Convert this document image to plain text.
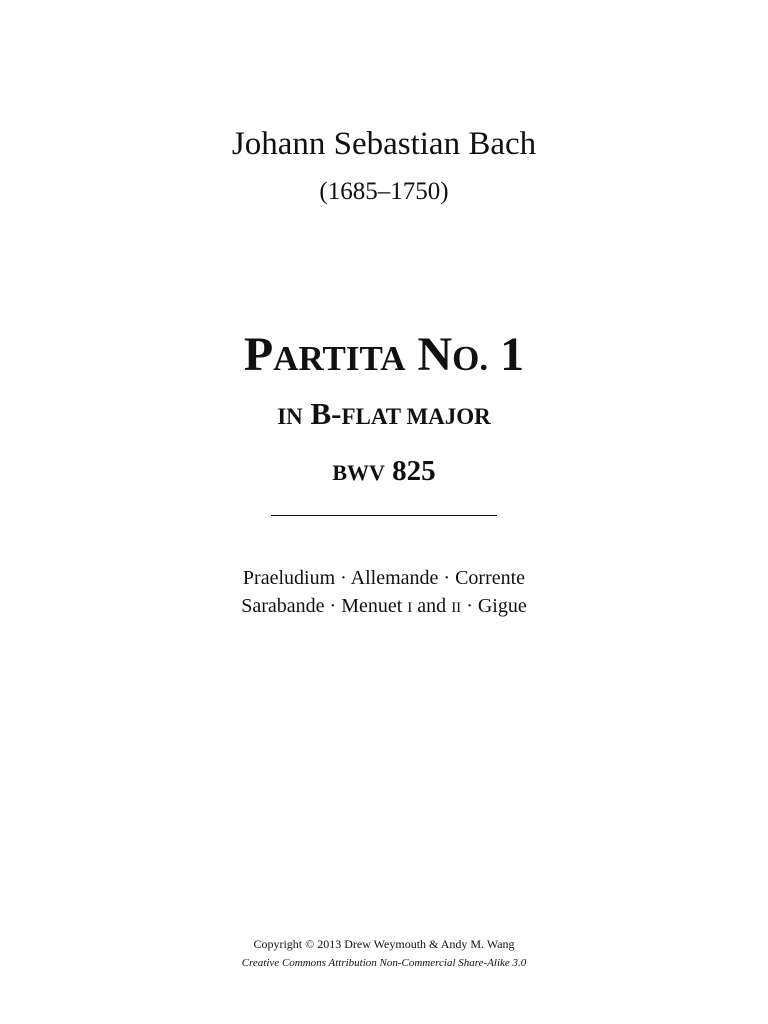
Johann Sebastian Bach
(1685–1750)
PARTITA NO. 1
IN B-FLAT MAJOR
BWV 825
Praeludium · Allemande · Corrente
Sarabande · Menuet I and II · Gigue
Copyright © 2013 Drew Weymouth & Andy M. Wang
Creative Commons Attribution Non-Commercial Share-Alike 3.0
